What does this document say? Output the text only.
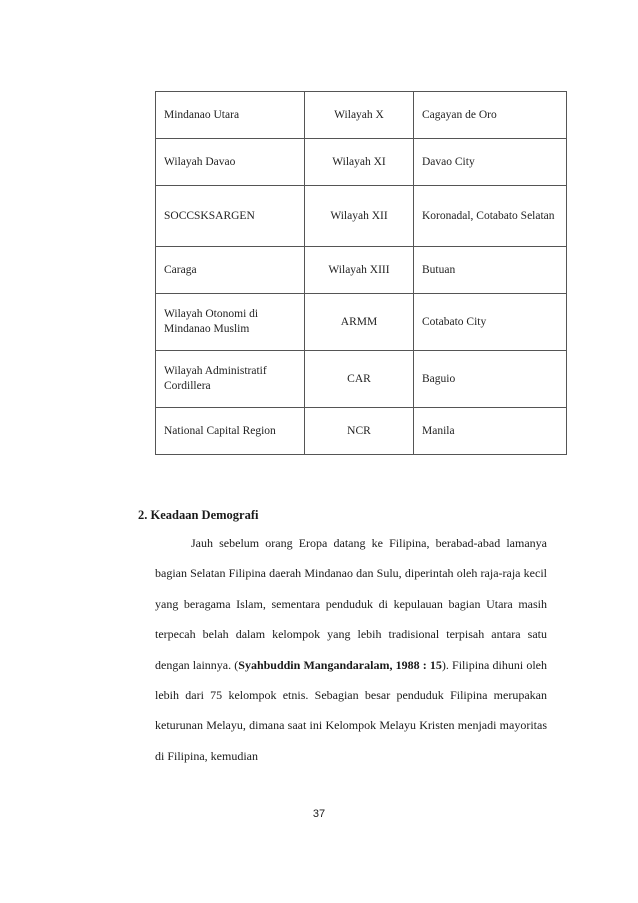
Mindanao Utara	Wilayah X	Cagayan de Oro
Wilayah Davao	Wilayah XI	Davao City
SOCCSKSARGEN	Wilayah XII	Koronadal, Cotabato Selatan
Caraga	Wilayah XIII	Butuan
Wilayah Otonomi di Mindanao Muslim	ARMM	Cotabato City
Wilayah Administratif Cordillera	CAR	Baguio
National Capital Region	NCR	Manila
2. Keadaan Demografi

Jauh sebelum orang Eropa datang ke Filipina, berabad-abad lamanya bagian Selatan Filipina daerah Mindanao dan Sulu, diperintah oleh raja-raja kecil yang beragama Islam, sementara penduduk di kepulauan bagian Utara masih terpecah belah dalam kelompok yang lebih tradisional terpisah antara satu dengan lainnya. (Syahbuddin Mangandaralam, 1988 : 15). Filipina dihuni oleh lebih dari 75 kelompok etnis. Sebagian besar penduduk Filipina merupakan keturunan Melayu, dimana saat ini Kelompok Melayu Kristen menjadi mayoritas di Filipina, kemudian

37
